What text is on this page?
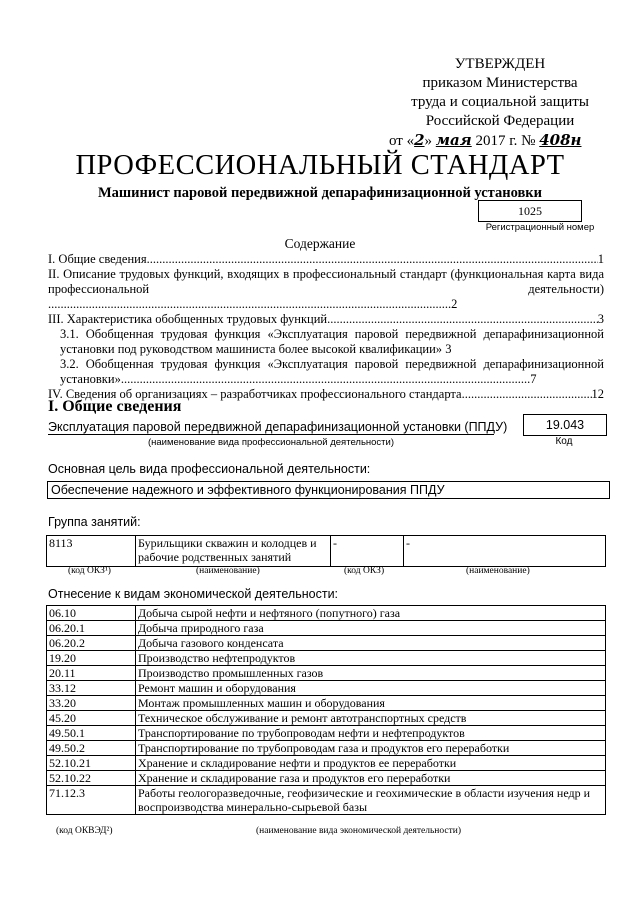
УТВЕРЖДЕН
приказом Министерства
труда и социальной защиты
Российской Федерации
от «2» мая 2017 г. № 408н
ПРОФЕССИОНАЛЬНЫЙ СТАНДАРТ
Машинист паровой передвижной депарафинизационной установки
1025
Регистрационный номер
Содержание
I. Общие сведения .....	1
II. Описание трудовых функций, входящих в профессиональный стандарт (функциональная карта вида профессиональной деятельности) .................................................................................................................................2
III. Характеристика обобщенных трудовых функций .....	3
3.1. Обобщенная трудовая функция «Эксплуатация паровой передвижной депарафинизационной установки под руководством машиниста более высокой квалификации» 3
3.2. Обобщенная трудовая функция «Эксплуатация паровой передвижной депарафинизационной установки»...................................................................................................................................7
IV. Сведения об организациях – разработчиках профессионального стандарта .....	12
I. Общие сведения
Эксплуатация паровой передвижной депарафинизационной установки (ППДУ)
(наименование вида профессиональной деятельности)
19.043
Код
Основная цель вида профессиональной деятельности:
Обеспечение надежного и эффективного функционирования ППДУ
Группа занятий:
8113	Бурильщики скважин и колодцев и рабочие родственных занятий	-	-
(код ОКЗ¹)	(наименование)	(код ОКЗ)	(наименование)
Отнесение к видам экономической деятельности:
06.10	Добыча сырой нефти и нефтяного (попутного) газа
06.20.1	Добыча природного газа
06.20.2	Добыча газового конденсата
19.20	Производство нефтепродуктов
20.11	Производство промышленных газов
33.12	Ремонт машин и оборудования
33.20	Монтаж промышленных машин и оборудования
45.20	Техническое обслуживание и ремонт автотранспортных средств
49.50.1	Транспортирование по трубопроводам нефти и нефтепродуктов
49.50.2	Транспортирование по трубопроводам газа и продуктов его переработки
52.10.21	Хранение и складирование нефти и продуктов ее переработки
52.10.22	Хранение и складирование газа и продуктов его переработки
71.12.3	Работы геологоразведочные, геофизические и геохимические в области изучения недр и воспроизводства минерально-сырьевой базы
(код ОКВЭД²)	(наименование вида экономической деятельности)
